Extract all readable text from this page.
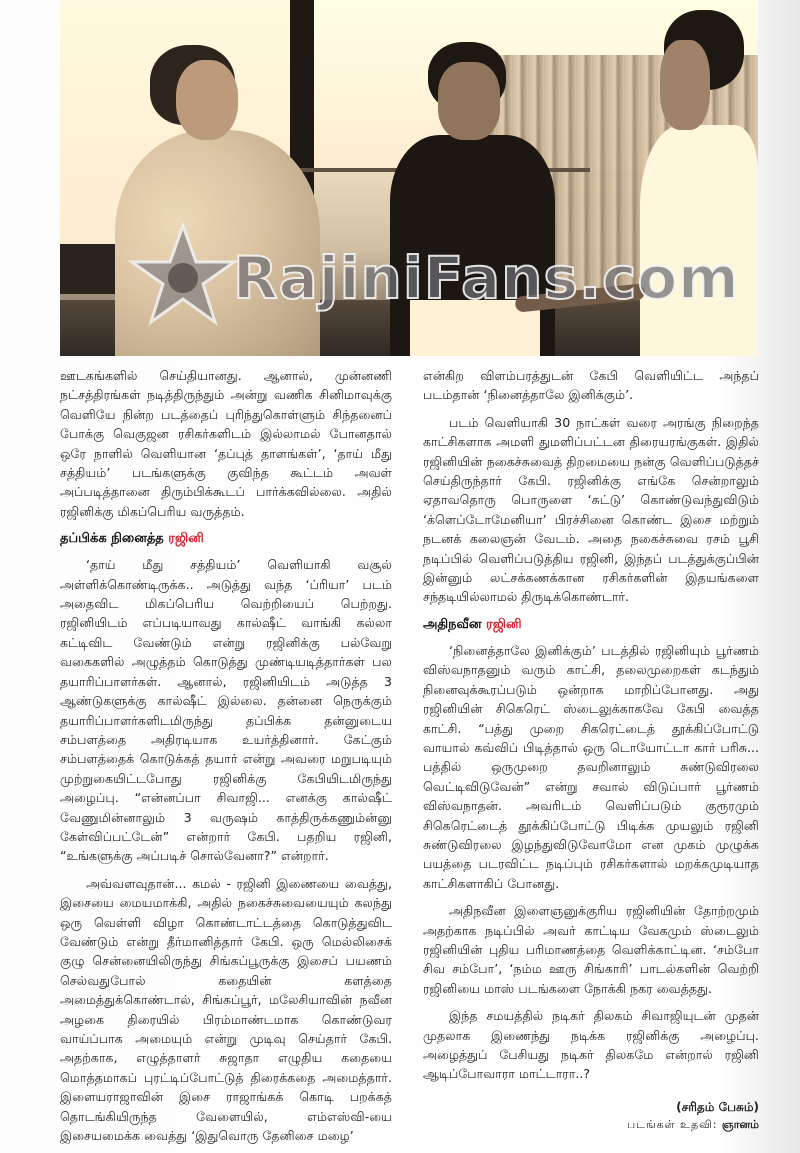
RajiniFans.com

ஊடகங்களில் செய்தியானது. ஆனால், முன்னணி நட்சத்திரங்கள் நடித்திருந்தும் அன்று வணிக சினிமாவுக்கு வெளியே நின்ற படத்தைப் புரிந்துகொள்ளும் சிந்தனைப் போக்கு வெகுஜன ரசிகர்களிடம் இல்லாமல் போனதால் ஒரே நாளில் வெளியான ‘தப்புத் தாளங்கள்’, ‘தாய் மீது சத்தியம்’ படங்களுக்கு குவிந்த கூட்டம் அவள் அப்படித்தானை திரும்பிக்கூடப் பார்க்கவில்லை. அதில் ரஜினிக்கு மிகப்பெரிய வருத்தம்.

தப்பிக்க நினைத்த ரஜினி

‘தாய் மீது சத்தியம்’ வெளியாகி வசூல் அள்ளிக்கொண்டிருக்க.. அடுத்து வந்த ‘ப்ரியா’ படம் அதைவிட மிகப்பெரிய வெற்றியைப் பெற்றது. ரஜினியிடம் எப்படியாவது கால்ஷீட் வாங்கி கல்லா கட்டிவிட வேண்டும் என்று ரஜினிக்கு பல்வேறு வகைகளில் அழுத்தம் கொடுத்து முண்டியடித்தார்கள் பல தயாரிப்பாளர்கள். ஆனால், ரஜினியிடம் அடுத்த 3 ஆண்டுகளுக்கு கால்ஷீட் இல்லை. தன்னை நெருக்கும் தயாரிப்பாளர்களிடமிருந்து தப்பிக்க தன்னுடைய சம்பளத்தை அதிரடியாக உயர்த்தினார். கேட்கும் சம்பளத்தைக் கொடுக்கத் தயார் என்று அவரை மறுபடியும் முற்றுகையிட்டபோது ரஜினிக்கு கேபியிடமிருந்து அழைப்பு. “என்னப்பா சிவாஜி... எனக்கு கால்ஷீட் வேணுமின்னாலும் 3 வருஷம் காத்திருக்கணும்ன்னு கேள்விப்பட்டேன்” என்றார் கேபி. பதறிய ரஜினி, “உங்களுக்கு அப்படிச் சொல்வேனா?” என்றார்.

அவ்வளவுதான்... கமல் - ரஜினி இணையை வைத்து, இசையை மையமாக்கி, அதில் நகைச்சுவையையும் கலந்து ஒரு வெள்ளி விழா கொண்டாட்டத்தை கொடுத்துவிட வேண்டும் என்று தீர்மானித்தார் கேபி. ஒரு மெல்லிசைக் குழு சென்னையிலிருந்து சிங்கப்பூருக்கு இசைப் பயணம் செல்வதுபோல் கதையின் களத்தை அமைத்துக்கொண்டால், சிங்கப்பூர், மலேசியாவின் நவீன அழகை திரையில் பிரம்மாண்டமாக கொண்டுவர வாய்ப்பாக அமையும் என்று முடிவு செய்தார் கேபி. அதற்காக, எழுத்தாளர் சுஜாதா எழுதிய கதையை மொத்தமாகப் புரட்டிப்போட்டுத் திரைக்கதை அமைத்தார். இளையராஜாவின் இசை ராஜாங்கக் கொடி பறக்கத் தொடங்கியிருந்த வேளையில், எம்எஸ்வி-யை இசையமைக்க வைத்து ‘இதுவொரு தேனிசை மழை’

என்கிற விளம்பரத்துடன் கேபி வெளியிட்ட அந்தப் படம்தான் ‘நினைத்தாலே இனிக்கும்’.

படம் வெளியாகி 30 நாட்கள் வரை அரங்கு நிறைந்த காட்சிகளாக அமளி துமளிப்பட்டன திரையரங்குகள். இதில் ரஜினியின் நகைச்சுவைத் திறமையை நன்கு வெளிப்படுத்தச் செய்திருந்தார் கேபி. ரஜினிக்கு எங்கே சென்றாலும் ஏதாவதொரு பொருளை ‘சுட்டு’ கொண்டுவந்துவிடும் ‘க்ளெப்டோமேனியா’ பிரச்சினை கொண்ட இசை மற்றும் நடனக் கலைஞன் வேடம். அதை நகைச்சுவை ரசம் பூசி நடிப்பில் வெளிப்படுத்திய ரஜினி, இந்தப் படத்துக்குப்பின் இன்னும் லட்சக்கணக்கான ரசிகர்களின் இதயங்களை சந்தடியில்லாமல் திருடிக்கொண்டார்.

அதிநவீன ரஜினி

‘நினைத்தாலே இனிக்கும்’ படத்தில் ரஜினியும் பூர்ணம் விஸ்வநாதனும் வரும் காட்சி, தலைமுறைகள் கடந்தும் நினைவுக்கூரப்படும் ஒன்றாக மாறிப்போனது. அது ரஜினியின் சிகெரெட் ஸ்டைலுக்காகவே கேபி வைத்த காட்சி. “பத்து முறை சிகரெட்டைத் தூக்கிப்போட்டு வாயால் கவ்விப் பிடித்தால் ஒரு டொயோட்டா கார் பரிசு... பத்தில் ஒருமுறை தவறினாலும் சுண்டுவிரலை வெட்டிவிடுவேன்” என்று சவால் விடுப்பார் பூர்ணம் விஸ்வநாதன். அவரிடம் வெளிப்படும் குரூரமும் சிகெரெட்டைத் தூக்கிப்போட்டு பிடிக்க முயலும் ரஜினி சுண்டுவிரலை இழந்துவிடுவோமோ என முகம் முழுக்க பயத்தை படரவிட்ட நடிப்பும் ரசிகர்களால் மறக்கமுடியாத காட்சிகளாகிப் போனது.

அதிநவீன இளைஞனுக்குரிய ரஜினியின் தோற்றமும் அதற்காக நடிப்பில் அவர் காட்டிய வேகமும் ஸ்டைலும் ரஜினியின் புதிய பரிமாணத்தை வெளிக்காட்டின. ‘சம்போ சிவ சம்போ’, ‘நம்ம ஊரு சிங்காரி’ பாடல்களின் வெற்றி ரஜினியை மாஸ் படங்களை நோக்கி நகர வைத்தது.

இந்த சமயத்தில் நடிகர் திலகம் சிவாஜியுடன் முதன் முதலாக இணைந்து நடிக்க ரஜினிக்கு அழைப்பு. அழைத்துப் பேசியது நடிகர் திலகமே என்றால் ரஜினி ஆடிப்போவாரா மாட்டாரா..?

(சரிதம் பேசும்)
படங்கள் உதவி: ஞானம்
